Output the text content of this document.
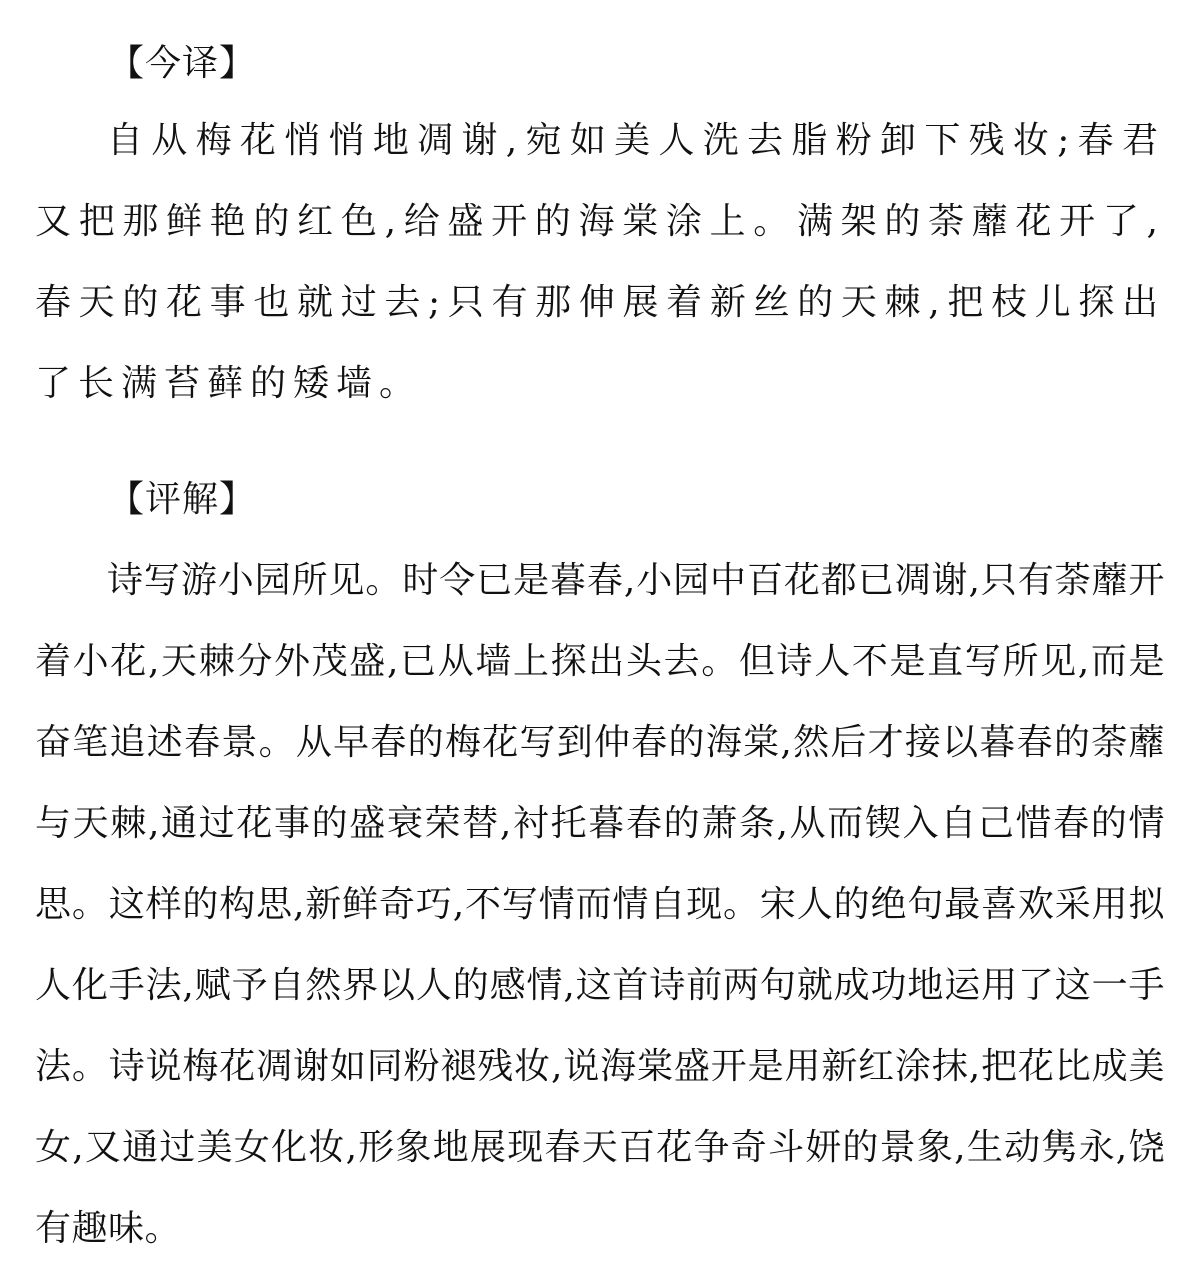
【今译】

自从梅花悄悄地凋谢,宛如美人洗去脂粉卸下残妆;春君又把那鲜艳的红色,给盛开的海棠涂上。满架的荼蘼花开了,春天的花事也就过去;只有那伸展着新丝的天棘,把枝儿探出了长满苔藓的矮墙。

【评解】

诗写游小园所见。时令已是暮春,小园中百花都已凋谢,只有荼蘼开着小花,天棘分外茂盛,已从墙上探出头去。但诗人不是直写所见,而是奋笔追述春景。从早春的梅花写到仲春的海棠,然后才接以暮春的荼蘼与天棘,通过花事的盛衰荣替,衬托暮春的萧条,从而锲入自己惜春的情思。这样的构思,新鲜奇巧,不写情而情自现。宋人的绝句最喜欢采用拟人化手法,赋予自然界以人的感情,这首诗前两句就成功地运用了这一手法。诗说梅花凋谢如同粉褪残妆,说海棠盛开是用新红涂抹,把花比成美女,又通过美女化妆,形象地展现春天百花争奇斗妍的景象,生动隽永,饶有趣味。
